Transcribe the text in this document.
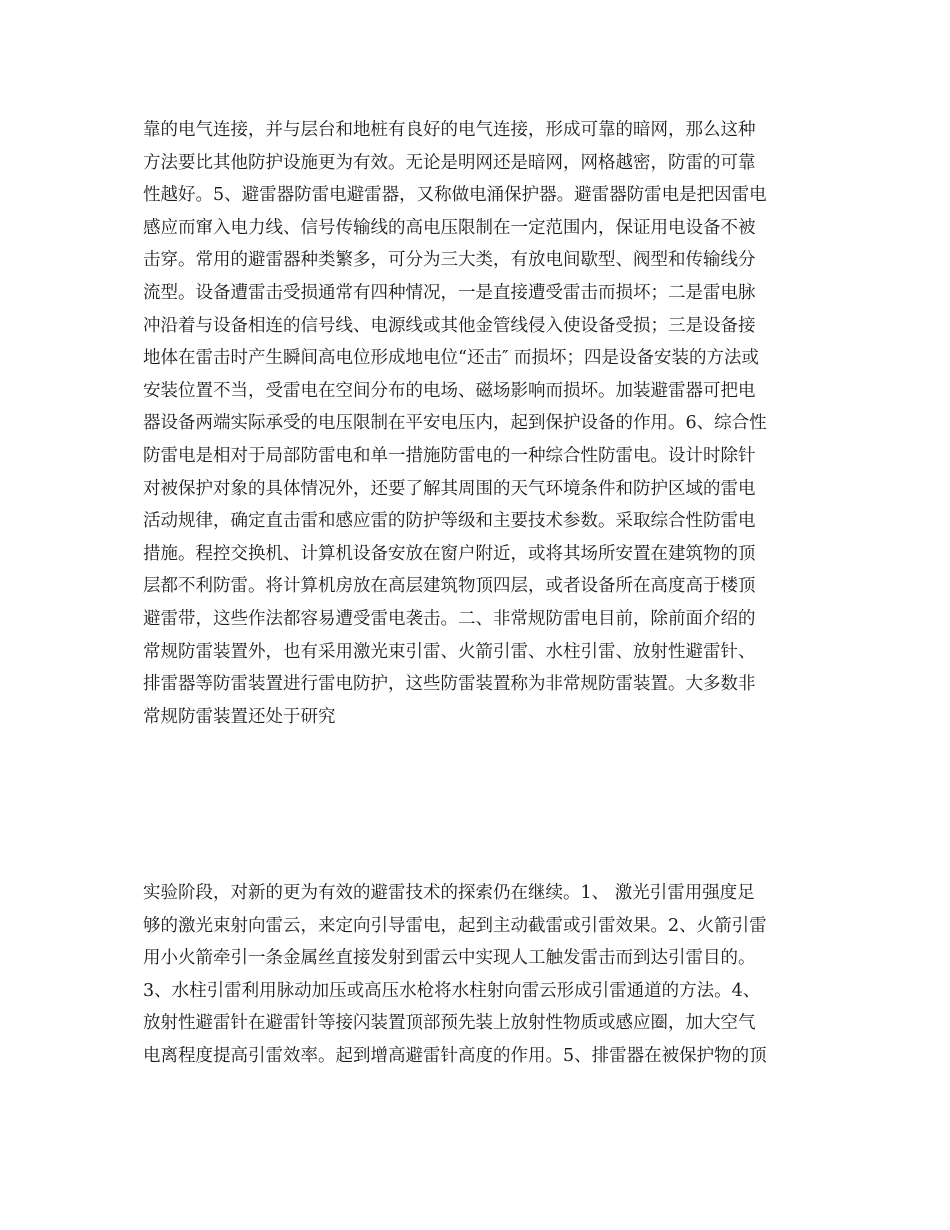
靠的电气连接，并与层台和地桩有良好的电气连接，形成可靠的暗网，那么这种
方法要比其他防护设施更为有效。无论是明网还是暗网，网格越密，防雷的可靠
性越好。5、避雷器防雷电避雷器，又称做电涌保护器。避雷器防雷电是把因雷电
感应而窜入电力线、信号传输线的高电压限制在一定范围内，保证用电设备不被
击穿。常用的避雷器种类繁多，可分为三大类，有放电间歇型、阀型和传输线分
流型。设备遭雷击受损通常有四种情况，一是直接遭受雷击而损坏；二是雷电脉
冲沿着与设备相连的信号线、电源线或其他金管线侵入使设备受损；三是设备接
地体在雷击时产生瞬间高电位形成地电位“还击″ 而损坏；四是设备安装的方法或
安装位置不当，受雷电在空间分布的电场、磁场影响而损坏。加装避雷器可把电
器设备两端实际承受的电压限制在平安电压内，起到保护设备的作用。6、综合性
防雷电是相对于局部防雷电和单一措施防雷电的一种综合性防雷电。设计时除针
对被保护对象的具体情况外，还要了解其周围的天气环境条件和防护区域的雷电
活动规律，确定直击雷和感应雷的防护等级和主要技术参数。采取综合性防雷电
措施。程控交换机、计算机设备安放在窗户附近，或将其场所安置在建筑物的顶
层都不利防雷。将计算机房放在高层建筑物顶四层，或者设备所在高度高于楼顶
避雷带，这些作法都容易遭受雷电袭击。二、非常规防雷电目前，除前面介绍的
常规防雷装置外，也有采用激光束引雷、火箭引雷、水柱引雷、放射性避雷针、
排雷器等防雷装置进行雷电防护，这些防雷装置称为非常规防雷装置。大多数非
常规防雷装置还处于研究
实验阶段，对新的更为有效的避雷技术的探索仍在继续。1、 激光引雷用强度足
够的激光束射向雷云，来定向引导雷电，起到主动截雷或引雷效果。2、火箭引雷
用小火箭牵引一条金属丝直接发射到雷云中实现人工触发雷击而到达引雷目的。
3、水柱引雷利用脉动加压或高压水枪将水柱射向雷云形成引雷通道的方法。4、
放射性避雷针在避雷针等接闪装置顶部预先装上放射性物质或感应圈，加大空气
电离程度提高引雷效率。起到增高避雷针高度的作用。5、排雷器在被保护物的顶
